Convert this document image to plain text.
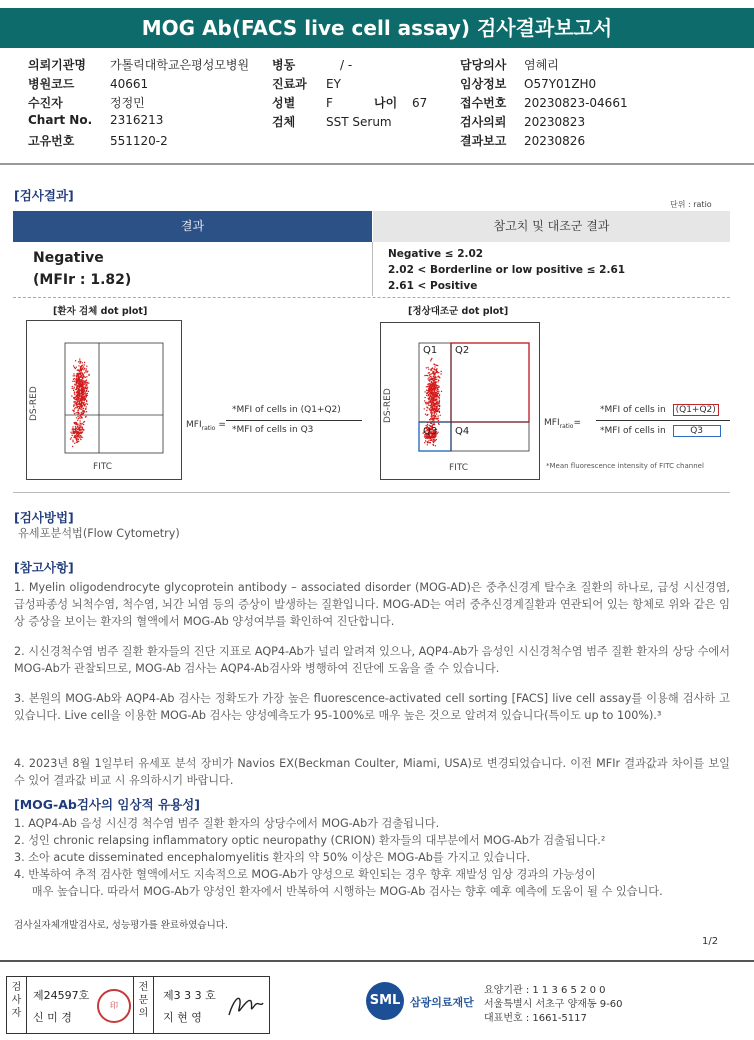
MOG Ab(FACS live cell assay) 검사결과보고서
의뢰기관명 가톨릭대학교은평성모병원
병원코드	40661
수진자	정정민
Chart No. 2316213
고유번호	551120-2
병동	/ -
진료과 EY
성별	F	나이 67
검체	SST Serum
담당의사 염혜리
임상정보 O57Y01ZH0
접수번호 20230823-04661
검사의뢰 20230823
결과보고 20230826
[검사결과]
단위 : ratio
결과	참고치 및 대조군 결과
Negative
(MFIr : 1.82)
Negative ≤ 2.02
2.02 < Borderline or low positive ≤ 2.61
2.61 < Positive
[환자 검체 dot plot]
DS-RED
FITC
$MFI_{ratio}$ =
*MFI of cells in (Q1+Q2)
*MFI of cells in Q3
[정상대조군 dot plot]
Q1 Q2
Q3 Q4
DS-RED
FITC
$MFI_{ratio}=$
*MFI of cells in (Q1+Q2)
*MFI of cells in	Q3
*Mean fluorescence intensity of FITC channel
[검사방법]
유세포분석법(Flow Cytometry)
[참고사항]
1. Myelin oligodendrocyte glycoprotein antibody – associated disorder (MOG-AD)은 중추신경계 탈수초 질환의 하나로, 급성 시신경염, 급성파종성 뇌척수염, 척수염, 뇌간 뇌염 등의 증상이 발생하는 질환입니다. MOG-AD는 여러 중추신경계질환과 연관되어 있는 항체로 위와 같은 임상 증상을 보이는 환자의 혈액에서 MOG-Ab 양성여부를 확인하여 진단합니다.
2. 시신경척수염 범주 질환 환자들의 진단 지표로 AQP4-Ab가 널리 알려져 있으나, AQP4-Ab가 음성인 시신경척수염 범주 질환 환자의 상당 수에서 MOG-Ab가 관찰되므로, MOG-Ab 검사는 AQP4-Ab검사와 병행하여 진단에 도움을 줄 수 있습니다.
3. 본원의 MOG-Ab와 AQP4-Ab 검사는 정확도가 가장 높은 fluorescence-activated cell sorting [FACS] live cell assay를 이용해 검사하 고 있습니다. Live cell을 이용한 MOG-Ab 검사는 양성예측도가 95-100%로 매우 높은 것으로 알려져 있습니다(특이도 up to 100%).³
4. 2023년 8월 1일부터 유세포 분석 장비가 Navios EX(Beckman Coulter, Miami, USA)로 변경되었습니다. 이전 MFIr 결과값과 차이를 보일 수 있어 결과값 비교 시 유의하시기 바랍니다.
[MOG-Ab검사의 임상적 유용성]
1. AQP4-Ab 음성 시신경 척수염 범주 질환 환자의 상당수에서 MOG-Ab가 검출됩니다.
2. 성인 chronic relapsing inflammatory optic neuropathy (CRION) 환자들의 대부분에서 MOG-Ab가 검출됩니다.²
3. 소아 acute disseminated encephalomyelitis 환자의 약 50% 이상은 MOG-Ab를 가지고 있습니다.
4. 반복하여 추적 검사한 혈액에서도 지속적으로 MOG-Ab가 양성으로 확인되는 경우 향후 재발성 임상 경과의 가능성이
매우 높습니다. 따라서 MOG-Ab가 양성인 환자에서 반복하여 시행하는 MOG-Ab 검사는 향후 예후 예측에 도움이 될 수 있습니다.
검사실자체개발검사로, 성능평가를 완료하였습니다.
1/2
검사자
제24597호
신 미 경
印
전문의
제3 3 3 호
지 현 영
SML 삼광의료재단
요양기관 : 1 1 3 6 5 2 0 0
서울특별시 서초구 양재동 9-60
대표번호 : 1661-5117
